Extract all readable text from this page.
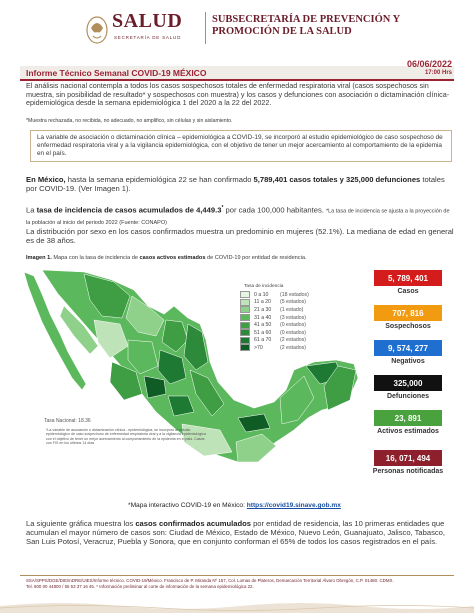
SALUD
SECRETARÍA DE SALUD
SUBSECRETARÍA DE PREVENCIÓN Y PROMOCIÓN DE LA SALUD
Informe Técnico Semanal COVID-19 MÉXICO
06/06/2022
17:00 Hrs
El análisis nacional contempla a todos los casos sospechosos totales de enfermedad respiratoria viral (casos sospechosos sin muestra, sin posibilidad de resultado* y sospechosos con muestra) y los casos y defunciones con asociación o dictaminación clínica-epidemiológica desde la semana epidemiológica 1 del 2020 a la 22 del 2022.
*Muestra rechazada, no recibida, no adecuado, no amplifico, sin células y sin aislamiento.
La variable de asociación o dictaminación clínica – epidemiológica a COVID-19, se incorporó al estudio epidemiológico de caso sospechoso de enfermedad respiratoria viral y a la vigilancia epidemiológica, con el objetivo de tener un mejor acercamiento al comportamiento de la epidemia en el país.
En México, hasta la semana epidemiológica 22 se han confirmado 5,789,401 casos totales y 325,000 defunciones totales por COVID-19. (Ver Imagen 1).
La tasa de incidencia de casos acumulados de 4,449.3* por cada 100,000 habitantes. *La tasa de incidencia se ajusta a la proyección de la población al inicio del periodo 2022 (Fuente: CONAPO)
La distribución por sexo en los casos confirmados muestra un predominio en mujeres (52.1%). La mediana de edad en general es de 38 años.
Imagen 1. Mapa con la tasa de incidencia de casos activos estimados de COVID-19 por entidad de residencia.
Tasa de incidencia
0 a 10	(18 estados)
11 a 20	(5 estados)
21 a 30	(1 estado)
31 a 40	(3 estados)
41 a 50	(0 estados)
51 a 60	(0 estados)
61 a 70	(2 estados)
>70	(2 estados)
Tasa Nacional: 18.36
*La variable de asociación o dictaminación clínica - epidemiológica, se incorporó al estudio epidemiológico de caso sospechoso de enfermedad respiratoria viral y a la vigilancia epidemiológica con el objetivo de tener un mejor acercamiento al comportamiento de la epidemia en el país. Casos con FIS en los últimos 14 días
*Mapa interactivo COVID-19 en México: https://covid19.sinave.gob.mx
5, 789, 401
Casos
707, 816
Sospechosos
9, 574, 277
Negativos
325,000
Defunciones
23, 891
Activos estimados
16, 071, 494
Personas notificadas
La siguiente gráfica muestra los casos confirmados acumulados por entidad de residencia, las 10 primeras entidades que acumulan el mayor número de casos son: Ciudad de México, Estado de México, Nuevo León, Guanajuato, Jalisco, Tabasco, San Luis Potosí, Veracruz, Puebla y Sonora, que en conjunto conforman el 65% de todos los casos registrados en el país.
SSA/SPPS/DGE/DIE/InDRE/UIES/Informe técnico. COVID-19/México. Francisco de P. Miranda Nº 157, Col. Lomas de Plateros, Demarcación Territorial Álvaro Obregón, C.P. 01480. CDMX.
Tel. 800 00 44800 / 55 53 37 16 45. * Información preliminar al corte de información de la semana epidemiológica 22.
